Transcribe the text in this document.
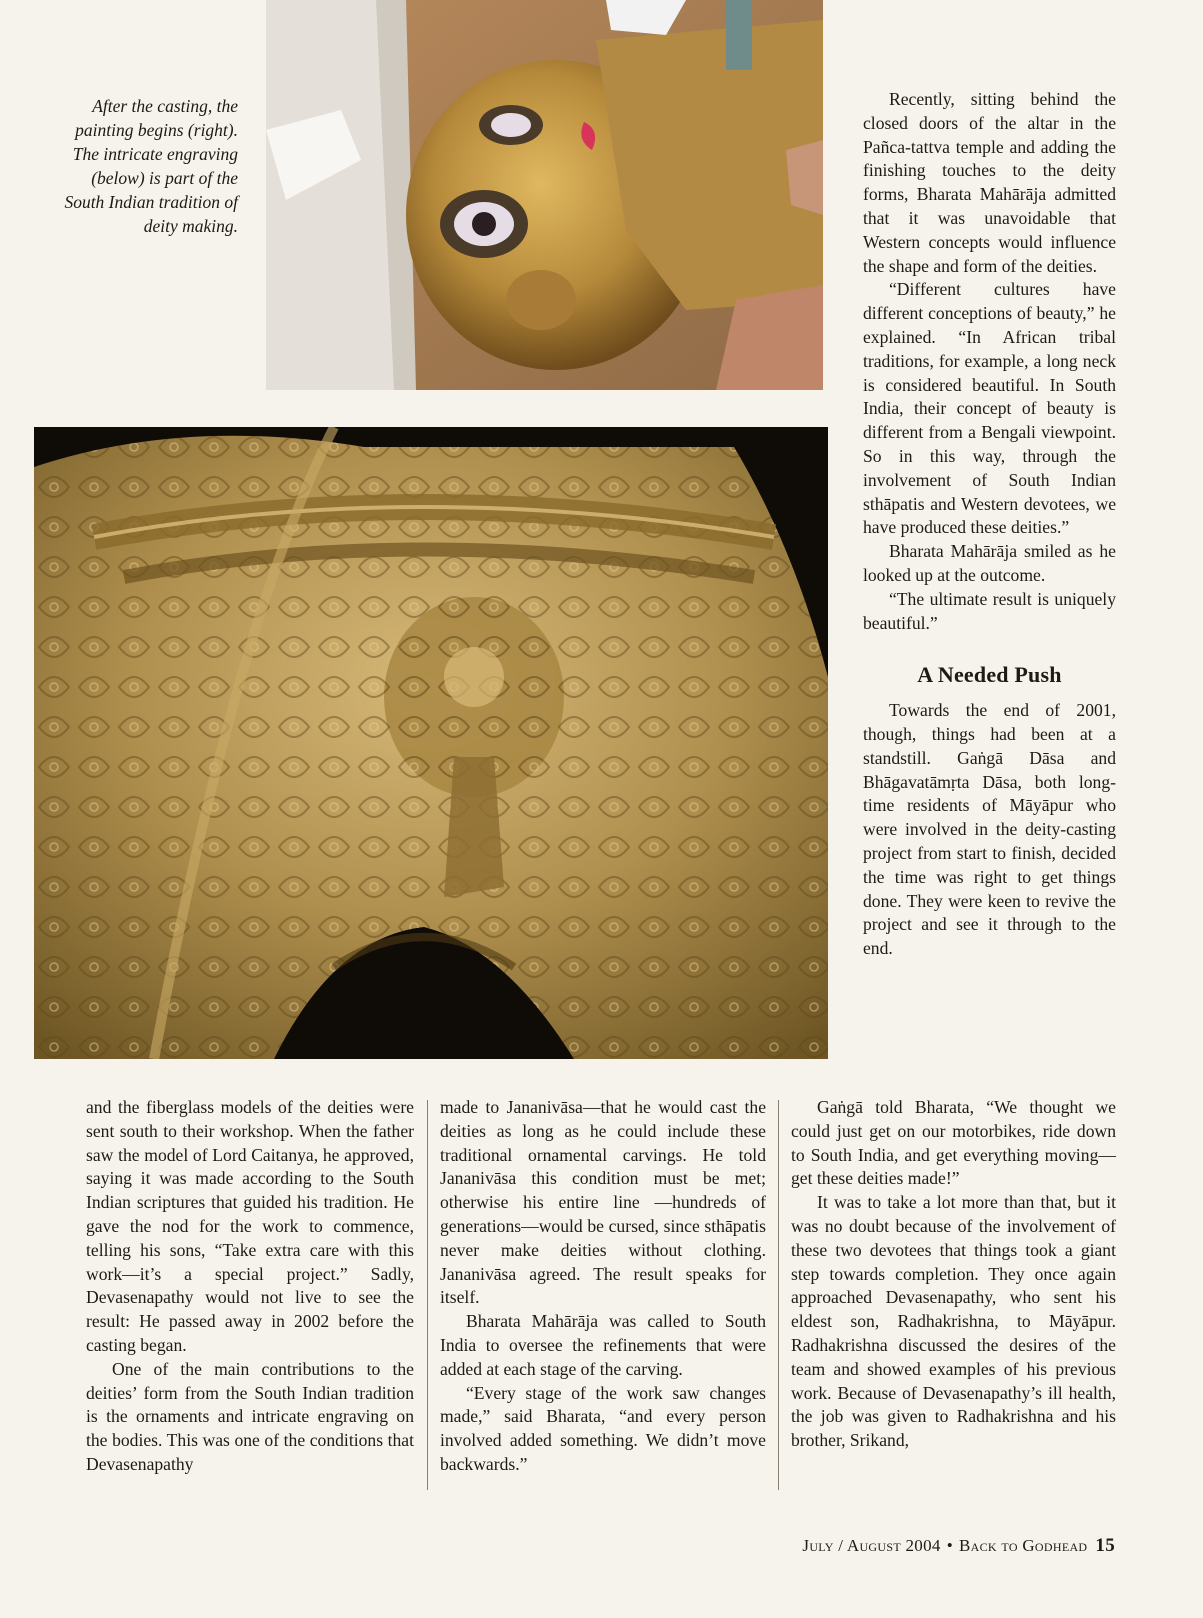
After the casting, the painting begins (right). The intricate engraving (below) is part of the South Indian tradition of deity making.

Recently, sitting behind the closed doors of the altar in the Pañca-tattva temple and adding the finishing touches to the deity forms, Bharata Mahārāja admitted that it was unavoidable that Western concepts would influence the shape and form of the deities.

“Different cultures have different conceptions of beauty,” he explained. “In African tribal traditions, for example, a long neck is considered beautiful. In South India, their concept of beauty is different from a Bengali viewpoint. So in this way, through the involvement of South Indian sthāpatis and Western devotees, we have produced these deities.”

Bharata Mahārāja smiled as he looked up at the outcome.

“The ultimate result is uniquely beautiful.”

A Needed Push

Towards the end of 2001, though, things had been at a standstill. Gaṅgā Dāsa and Bhāgavatāmṛta Dāsa, both long-time residents of Māyāpur who were involved in the deity-casting project from start to finish, decided the time was right to get things done. They were keen to revive the project and see it through to the end.

and the fiberglass models of the deities were sent south to their workshop. When the father saw the model of Lord Caitanya, he approved, saying it was made according to the South Indian scriptures that guided his tradition. He gave the nod for the work to commence, telling his sons, “Take extra care with this work—it’s a special project.” Sadly, Devasenapathy would not live to see the result: He passed away in 2002 before the casting began.

One of the main contributions to the deities’ form from the South Indian tradition is the ornaments and intricate engraving on the bodies. This was one of the conditions that Devasenapathy

made to Jananivāsa—that he would cast the deities as long as he could include these traditional ornamental carvings. He told Jananivāsa this condition must be met; otherwise his entire line —hundreds of generations—would be cursed, since sthāpatis never make deities without clothing. Jananivāsa agreed. The result speaks for itself.

Bharata Mahārāja was called to South India to oversee the refinements that were added at each stage of the carving.

“Every stage of the work saw changes made,” said Bharata, “and every person involved added something. We didn’t move backwards.”

Gaṅgā told Bharata, “We thought we could just get on our motorbikes, ride down to South India, and get everything moving—get these deities made!”

It was to take a lot more than that, but it was no doubt because of the involvement of these two devotees that things took a giant step towards completion. They once again approached Devasenapathy, who sent his eldest son, Radhakrishna, to Māyāpur. Radhakrishna discussed the desires of the team and showed examples of his previous work. Because of Devasenapathy’s ill health, the job was given to Radhakrishna and his brother, Srikand,

July / August 2004 • Back to Godhead 15
